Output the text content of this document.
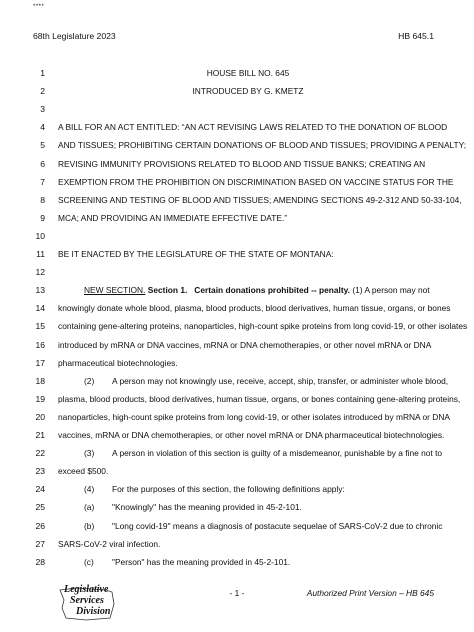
****
68th Legislature 2023	HB 645.1
1	HOUSE BILL NO. 645
2	INTRODUCED BY G. KMETZ
3
4 A BILL FOR AN ACT ENTITLED: “AN ACT REVISING LAWS RELATED TO THE DONATION OF BLOOD
5 AND TISSUES; PROHIBITING CERTAIN DONATIONS OF BLOOD AND TISSUES; PROVIDING A PENALTY;
6 REVISING IMMUNITY PROVISIONS RELATED TO BLOOD AND TISSUE BANKS; CREATING AN
7 EXEMPTION FROM THE PROHIBITION ON DISCRIMINATION BASED ON VACCINE STATUS FOR THE
8 SCREENING AND TESTING OF BLOOD AND TISSUES; AMENDING SECTIONS 49-2-312 AND 50-33-104,
9 MCA; AND PROVIDING AN IMMEDIATE EFFECTIVE DATE.”
10
11 BE IT ENACTED BY THE LEGISLATURE OF THE STATE OF MONTANA:
12
13	NEW SECTION. Section 1. Certain donations prohibited -- penalty. (1) A person may not
14 knowingly donate whole blood, plasma, blood products, blood derivatives, human tissue, organs, or bones
15 containing gene-altering proteins, nanoparticles, high-count spike proteins from long covid-19, or other isolates
16 introduced by mRNA or DNA vaccines, mRNA or DNA chemotherapies, or other novel mRNA or DNA
17 pharmaceutical biotechnologies.
18	(2) A person may not knowingly use, receive, accept, ship, transfer, or administer whole blood,
19 plasma, blood products, blood derivatives, human tissue, organs, or bones containing gene-altering proteins,
20 nanoparticles, high-count spike proteins from long covid-19, or other isolates introduced by mRNA or DNA
21 vaccines, mRNA or DNA chemotherapies, or other novel mRNA or DNA pharmaceutical biotechnologies.
22	(3) A person in violation of this section is guilty of a misdemeanor, punishable by a fine not to
23 exceed $500.
24	(4) For the purposes of this section, the following definitions apply:
25	(a) "Knowingly" has the meaning provided in 45-2-101.
26	(b) "Long covid-19" means a diagnosis of postacute sequelae of SARS-CoV-2 due to chronic
27 SARS-CoV-2 viral infection.
28	(c) "Person" has the meaning provided in 45-2-101.
- 1 -	Authorized Print Version – HB 645
Legislative
Services
Division
